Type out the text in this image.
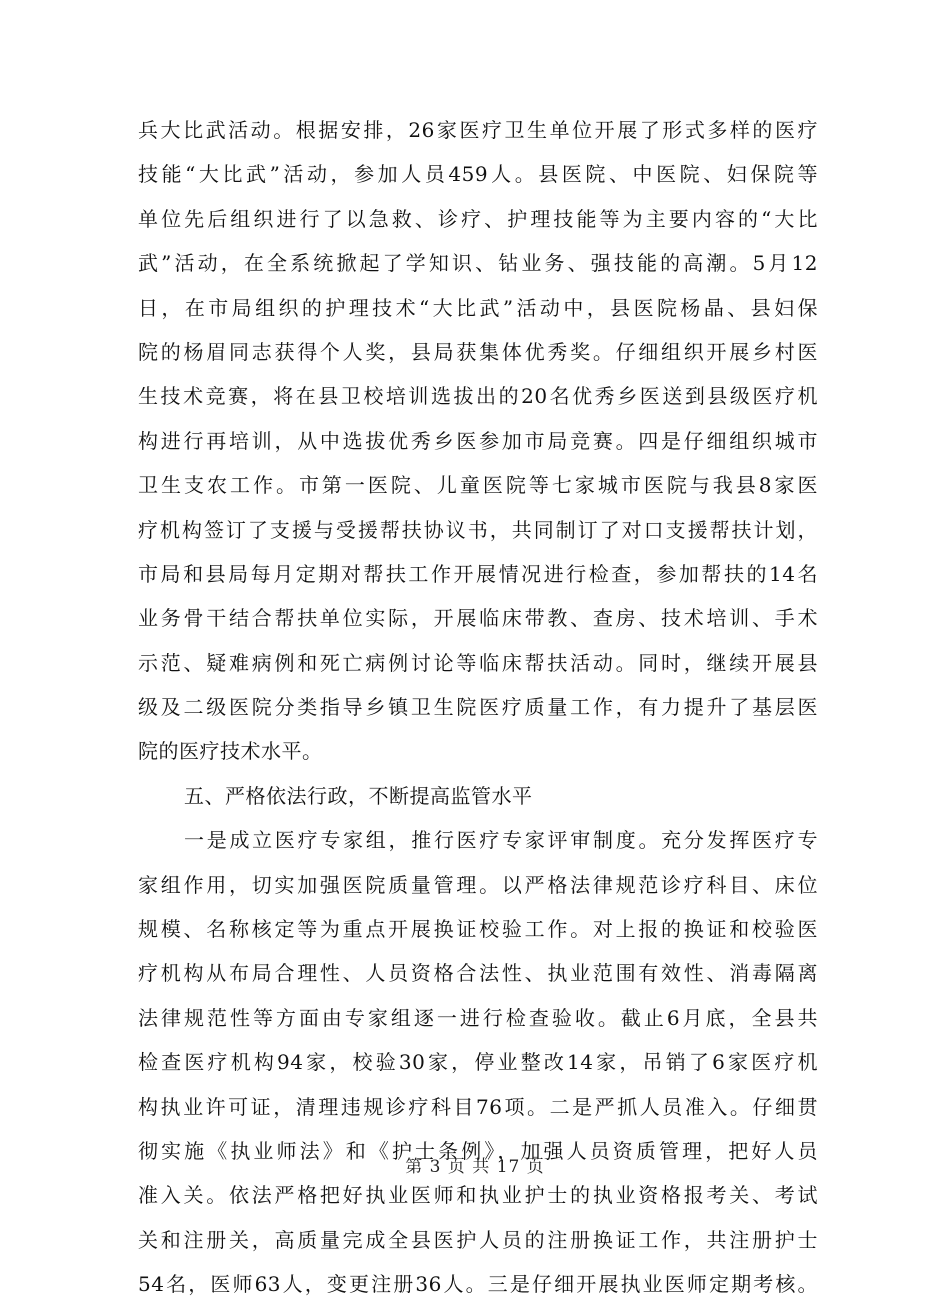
兵大比武活动。根据安排，26家医疗卫生单位开展了形式多样的医疗
技能“大比武”活动，参加人员459人。县医院、中医院、妇保院等
单位先后组织进行了以急救、诊疗、护理技能等为主要内容的“大比
武”活动，在全系统掀起了学知识、钻业务、强技能的高潮。5月12
日，在市局组织的护理技术“大比武”活动中，县医院杨晶、县妇保
院的杨眉同志获得个人奖，县局获集体优秀奖。仔细组织开展乡村医
生技术竞赛，将在县卫校培训选拔出的20名优秀乡医送到县级医疗机
构进行再培训，从中选拔优秀乡医参加市局竞赛。四是仔细组织城市
卫生支农工作。市第一医院、儿童医院等七家城市医院与我县8家医
疗机构签订了支援与受援帮扶协议书，共同制订了对口支援帮扶计划，
市局和县局每月定期对帮扶工作开展情况进行检查，参加帮扶的14名
业务骨干结合帮扶单位实际，开展临床带教、查房、技术培训、手术
示范、疑难病例和死亡病例讨论等临床帮扶活动。同时，继续开展县
级及二级医院分类指导乡镇卫生院医疗质量工作，有力提升了基层医
院的医疗技术水平。
五、严格依法行政，不断提高监管水平
一是成立医疗专家组，推行医疗专家评审制度。充分发挥医疗专
家组作用，切实加强医院质量管理。以严格法律规范诊疗科目、床位
规模、名称核定等为重点开展换证校验工作。对上报的换证和校验医
疗机构从布局合理性、人员资格合法性、执业范围有效性、消毒隔离
法律规范性等方面由专家组逐一进行检查验收。截止6月底，全县共
检查医疗机构94家，校验30家，停业整改14家，吊销了6家医疗机
构执业许可证，清理违规诊疗科目76项。二是严抓人员准入。仔细贯
彻实施《执业师法》和《护士条例》，加强人员资质管理，把好人员
准入关。依法严格把好执业医师和执业护士的执业资格报考关、考试
关和注册关，高质量完成全县医护人员的注册换证工作，共注册护士
54名，医师63人，变更注册36人。三是仔细开展执业医师定期考核。
第 3 页 共 17 页
